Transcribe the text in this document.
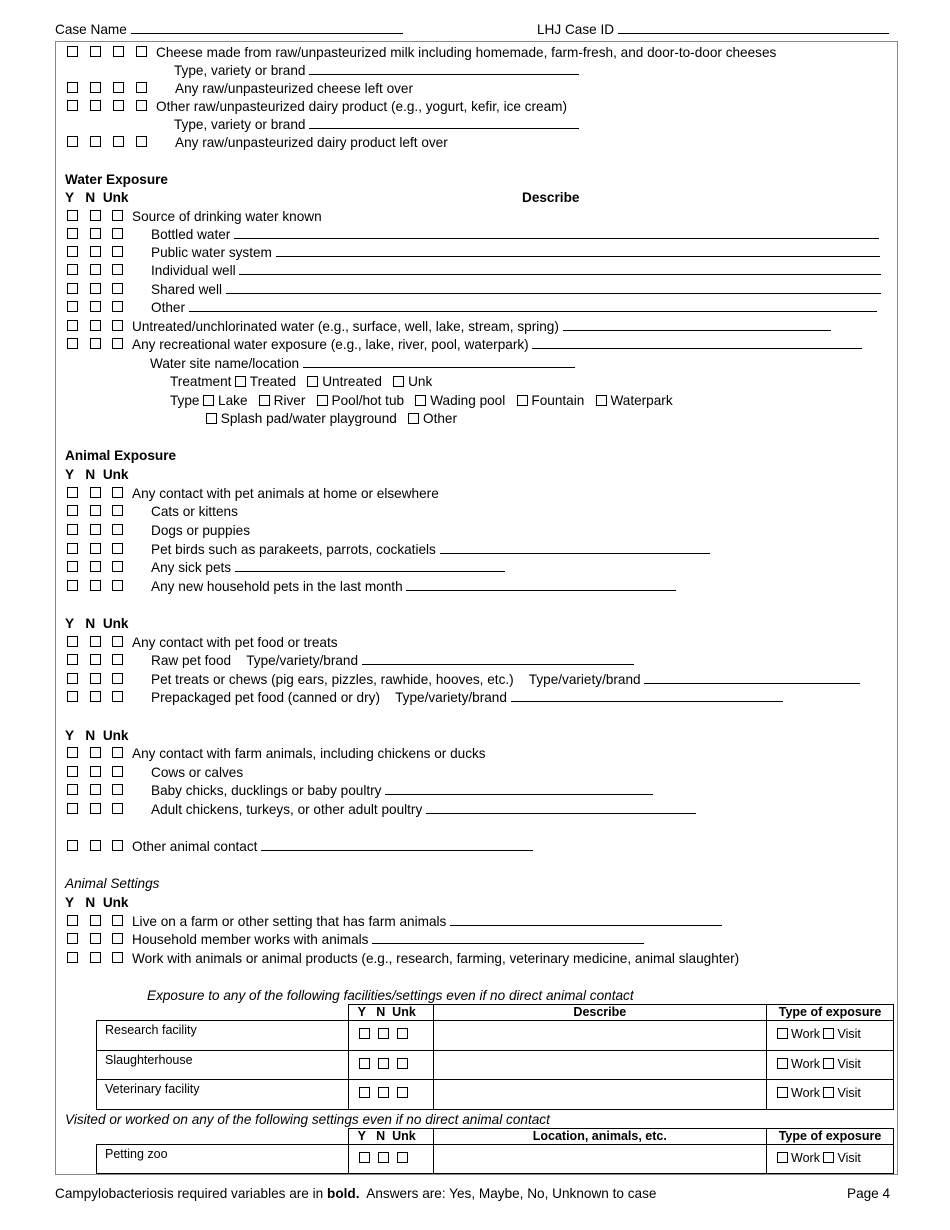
Case Name	LHJ Case ID
Cheese made from raw/unpasteurized milk including homemade, farm-fresh, and door-to-door cheeses
Type, variety or brand
Any raw/unpasteurized cheese left over
Other raw/unpasteurized dairy product (e.g., yogurt, kefir, ice cream)
Type, variety or brand
Any raw/unpasteurized dairy product left over
Water Exposure
Y N Unk	Describe
Source of drinking water known
Bottled water
Public water system
Individual well
Shared well
Other
Untreated/unchlorinated water (e.g., surface, well, lake, stream, spring)
Any recreational water exposure (e.g., lake, river, pool, waterpark)
Water site name/location
Treatment Treated Untreated Unk
Type Lake River Pool/hot tub Wading pool Fountain Waterpark
Splash pad/water playground Other
Animal Exposure
Y N Unk
Any contact with pet animals at home or elsewhere
Cats or kittens
Dogs or puppies
Pet birds such as parakeets, parrots, cockatiels
Any sick pets
Any new household pets in the last month
Y N Unk
Any contact with pet food or treats
Raw pet food Type/variety/brand
Pet treats or chews (pig ears, pizzles, rawhide, hooves, etc.) Type/variety/brand
Prepackaged pet food (canned or dry) Type/variety/brand
Y N Unk
Any contact with farm animals, including chickens or ducks
Cows or calves
Baby chicks, ducklings or baby poultry
Adult chickens, turkeys, or other adult poultry
Other animal contact
Animal Settings
Y N Unk
Live on a farm or other setting that has farm animals
Household member works with animals
Work with animals or animal products (e.g., research, farming, veterinary medicine, animal slaughter)
Exposure to any of the following facilities/settings even if no direct animal contact
	Y   N  Unk	Describe	Type of exposure
Research facility			Work Visit
Slaughterhouse			Work Visit
Veterinary facility			Work Visit
Visited or worked on any of the following settings even if no direct animal contact
	Y   N  Unk	Location, animals, etc.	Type of exposure
Petting zoo			Work Visit
Campylobacteriosis required variables are in bold. Answers are: Yes, Maybe, No, Unknown to case	Page 4
